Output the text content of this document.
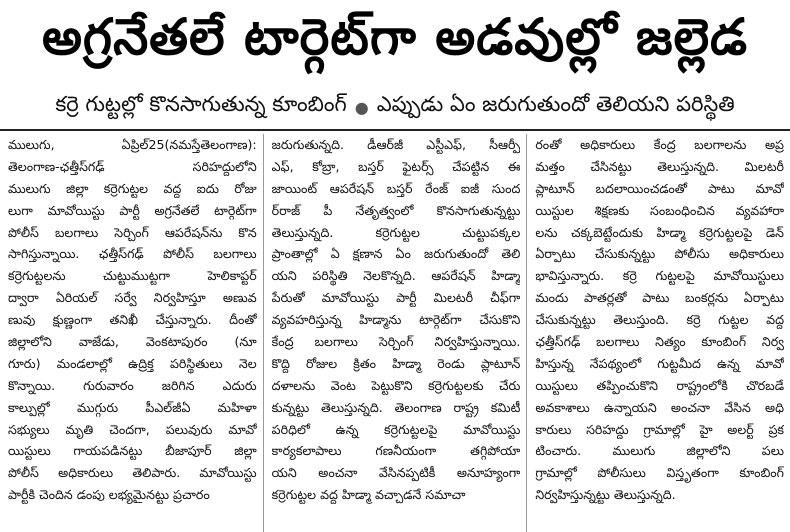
అగ్రనేతలే టార్గెట్‌గా అడవుల్లో జల్లెడ
కర్రె గుట్టల్లో కొనసాగుతున్న కూంబింగ్ ● ఎప్పుడు ఏం జరుగుతుందో తెలియని పరిస్థితి
ములుగు, ఏప్రిల్‌25(నమస్తేతెలంగాణ):
తెలంగాణ-ఛత్తీస్‌గఢ్ సరిహద్దులోని
ములుగు జిల్లా కర్రెగుట్టల వద్ద ఐదు రోజు
లుగా మావోయిస్టు పార్టీ అగ్రనేతలే టార్గెట్‌గా
పోలీస్ బలగాలు సెర్చింగ్ ఆపరేషన్‌ను కొన
సాగిస్తున్నాయి. ఛత్తీస్‌గఢ్ పోలీస్ బలగాలు
కర్రెగుట్టలను చుట్టుముట్టగా హెలికాప్టర్
ద్వారా ఏరియల్ సర్వే నిర్వహిస్తూ అణువ
ణువు క్షుణ్ణంగా తనిఖీ చేస్తున్నారు. దీంతో
జిల్లాలోని వాజేడు, వెంకటాపురం (నూ
గూరు) మండలాల్లో ఉద్రిక్త పరిస్థితులు నెల
కొన్నాయి. గురువారం జరిగిన ఎదురు
కాల్పుల్లో ముగ్గురు పీఎల్‌జీఏ మహిళా
సభ్యులు మృతి చెందగా, పలువురు మావో
యిస్టులు గాయపడినట్టు బీజాపూర్ జిల్లా
పోలీస్ అధికారులు తెలిపారు. మావోయిస్టు
పార్టీకి చెందిన డంపు లభ్యమైనట్టు ప్రచారం
జరుగుతున్నది. డీఆర్‌జీ ఎస్టీఎఫ్, సీఆర్పీ
ఎఫ్, కోబ్రా, బస్తర్ ఫైటర్స్ చేపట్టిన ఈ
జాయింట్ ఆపరేషన్ బస్తర్ రేంజ్ ఐజీ సుంద
ర్‌రాజ్ పీ నేతృత్వంలో కొనసాగుతున్నట్టు
తెలుస్తున్నది. కర్రెగుట్టల చుట్టుపక్కల
ప్రాంతాల్లో ఏ క్షణాన ఏం జరుగుతుందో తెలి
యని పరిస్థితి నెలకొన్నది. ఆపరేషన్ హిడ్మా
పేరుతో మావోయిస్టు పార్టీ మిలటరీ చీఫ్‌గా
వ్యవహరిస్తున్న హిడ్మాను టార్గెట్‌గా చేసుకొని
కేంద్ర బలగాలు సెర్చింగ్ నిర్వహిస్తున్నాయి.
కొద్ది రోజుల క్రితం హిడ్మా రెండు ప్లాటూన్
దళాలను వెంట పెట్టుకొని కర్రెగుట్టలకు చేరు
కున్నట్టు తెలుస్తున్నది. తెలంగాణ రాష్ట్ర కమిటీ
పరిధిలో ఉన్న కర్రెగుట్టలపై మావోయిస్టు
కార్యకలాపాలు గణనీయంగా తగ్గిపోయా
యని అంచనా వేసినప్పటికీ అనూహ్యంగా
కర్రెగుట్టల వద్ద హిడ్మా వచ్చాడనే సమాచా
రంతో అధికారులు కేంద్ర బలగాలను అప్ర
మత్తం చేసినట్టు తెలుస్తున్నది. మిలటరీ
ప్లాటూన్ బదలాయించడంతో పాటు మావో
యిస్టుల శిక్షణకు సంబంధించిన వ్యవహారా
లను చక్కబెట్టేందుకు హిడ్మా కర్రెగుట్టలపై డెన్
ఏర్పాటు చేసుకున్నట్టు పోలీసు అధికారులు
భావిస్తున్నారు. కర్రె గుట్టలపై మావోయిస్టులు
మందు పాతర్లతో పాటు బంకర్లను ఏర్పాటు
చేసుకున్నట్టు తెలుస్తుంది. కర్రె గుట్టల వద్ద
ఛత్తీస్‌గఢ్ బలగాలు నిత్యం కూంబింగ్ నిర్వ
హిస్తున్న నేపథ్యంలో గుట్టమీద ఉన్న మావో
యిస్టులు తప్పించుకొని రాష్ట్రంలోకి చొరబడే
అవకాశాలు ఉన్నాయని అంచనా వేసిన అధి
కారులు సరిహద్దు గ్రామాల్లో హై అలర్ట్ ప్రక
టించారు. ములుగు జిల్లాలోని పలు
గ్రామాల్లో పోలీసులు విస్తృతంగా కూంబింగ్
నిర్వహిస్తున్నట్టు తెలుస్తున్నది.
